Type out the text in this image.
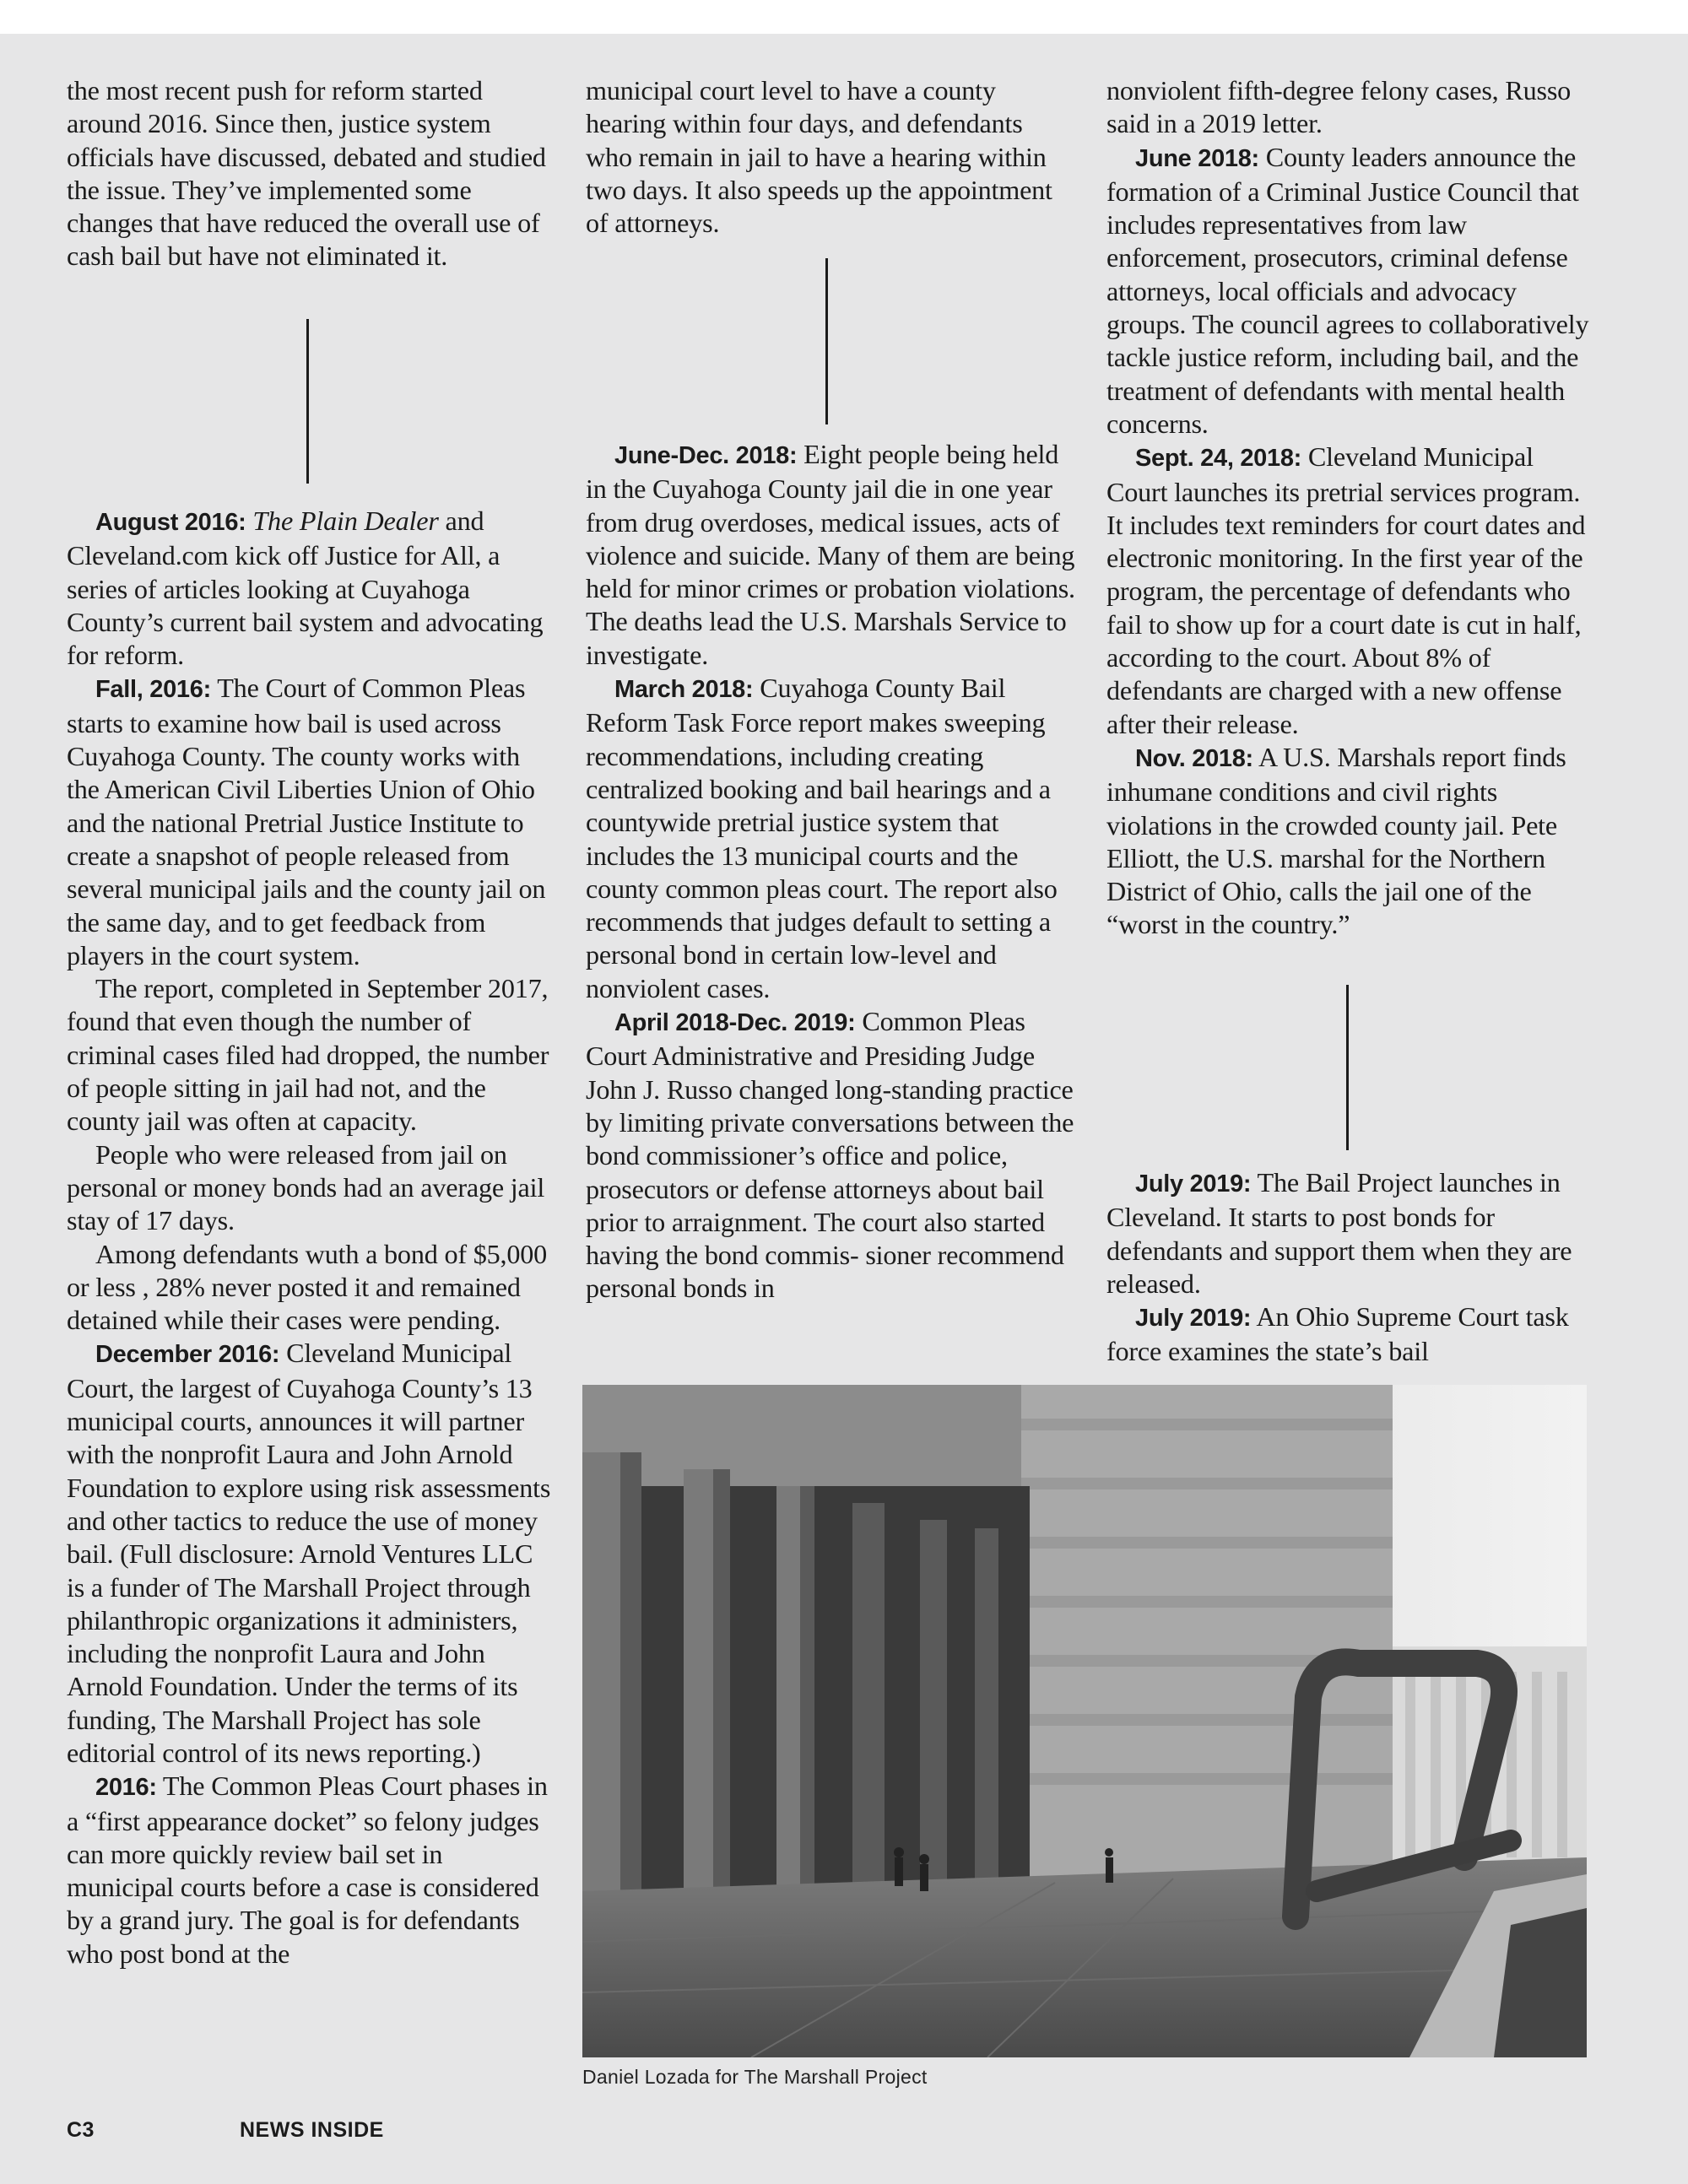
the most recent push for reform started around 2016. Since then, justice system officials have discussed, debated and studied the issue. They’ve implemented some changes that have reduced the overall use of cash bail but have not eliminated it.

August 2016: The Plain Dealer and Cleveland.com kick off Justice for All, a series of articles looking at Cuyahoga County’s current bail system and advocating for reform.

Fall, 2016: The Court of Common Pleas starts to examine how bail is used across Cuyahoga County. The county works with the American Civil Liberties Union of Ohio and the national Pretrial Justice Institute to create a snapshot of people released from several municipal jails and the county jail on the same day, and to get feedback from players in the court system.

The report, completed in September 2017, found that even though the number of criminal cases filed had dropped, the number of people sitting in jail had not, and the county jail was often at capacity.

People who were released from jail on personal or money bonds had an average jail stay of 17 days.

Among defendants wuth a bond of $5,000 or less , 28% never posted it and remained detained while their cases were pending.

December 2016: Cleveland Municipal Court, the largest of Cuyahoga County’s 13 municipal courts, announces it will partner with the nonprofit Laura and John Arnold Foundation to explore using risk assessments and other tactics to reduce the use of money bail. (Full disclosure: Arnold Ventures LLC is a funder of The Marshall Project through philanthropic organizations it administers, including the nonprofit Laura and John Arnold Foundation. Under the terms of its funding, The Marshall Project has sole editorial control of its news reporting.)

2016: The Common Pleas Court phases in a “first appearance docket” so felony judges can more quickly review bail set in municipal courts before a case is considered by a grand jury. The goal is for defendants who post bond at the

municipal court level to have a county hearing within four days, and defendants who remain in jail to have a hearing within two days. It also speeds up the appointment of attorneys.

June-Dec. 2018: Eight people being held in the Cuyahoga County jail die in one year from drug overdoses, medical issues, acts of violence and suicide. Many of them are being held for minor crimes or probation violations. The deaths lead the U.S. Marshals Service to investigate.

March 2018: Cuyahoga County Bail Reform Task Force report makes sweeping recommendations, including creating centralized booking and bail hearings and a countywide pretrial justice system that includes the 13 municipal courts and the county common pleas court. The report also recommends that judges default to setting a personal bond in certain low-level and nonviolent cases.

April 2018-Dec. 2019: Common Pleas Court Administrative and Presiding Judge John J. Russo changed long-standing practice by limiting private conversations between the bond commissioner’s office and police, prosecutors or defense attorneys about bail prior to arraignment. The court also started having the bond commis- sioner recommend personal bonds in

nonviolent fifth-degree felony cases, Russo said in a 2019 letter.

June 2018: County leaders announce the formation of a Criminal Justice Council that includes representatives from law enforcement, prosecutors, criminal defense attorneys, local officials and advocacy groups. The council agrees to collaboratively tackle justice reform, including bail, and the treatment of defendants with mental health concerns.

Sept. 24, 2018: Cleveland Municipal Court launches its pretrial services program. It includes text reminders for court dates and electronic monitoring. In the first year of the program, the percentage of defendants who fail to show up for a court date is cut in half, according to the court. About 8% of defendants are charged with a new offense after their release.

Nov. 2018: A U.S. Marshals report finds inhumane conditions and civil rights violations in the crowded county jail. Pete Elliott, the U.S. marshal for the Northern District of Ohio, calls the jail one of the “worst in the country.”

July 2019: The Bail Project launches in Cleveland. It starts to post bonds for defendants and support them when they are released.

July 2019: An Ohio Supreme Court task force examines the state’s bail

Daniel Lozada for The Marshall Project
C3	NEWS INSIDE
